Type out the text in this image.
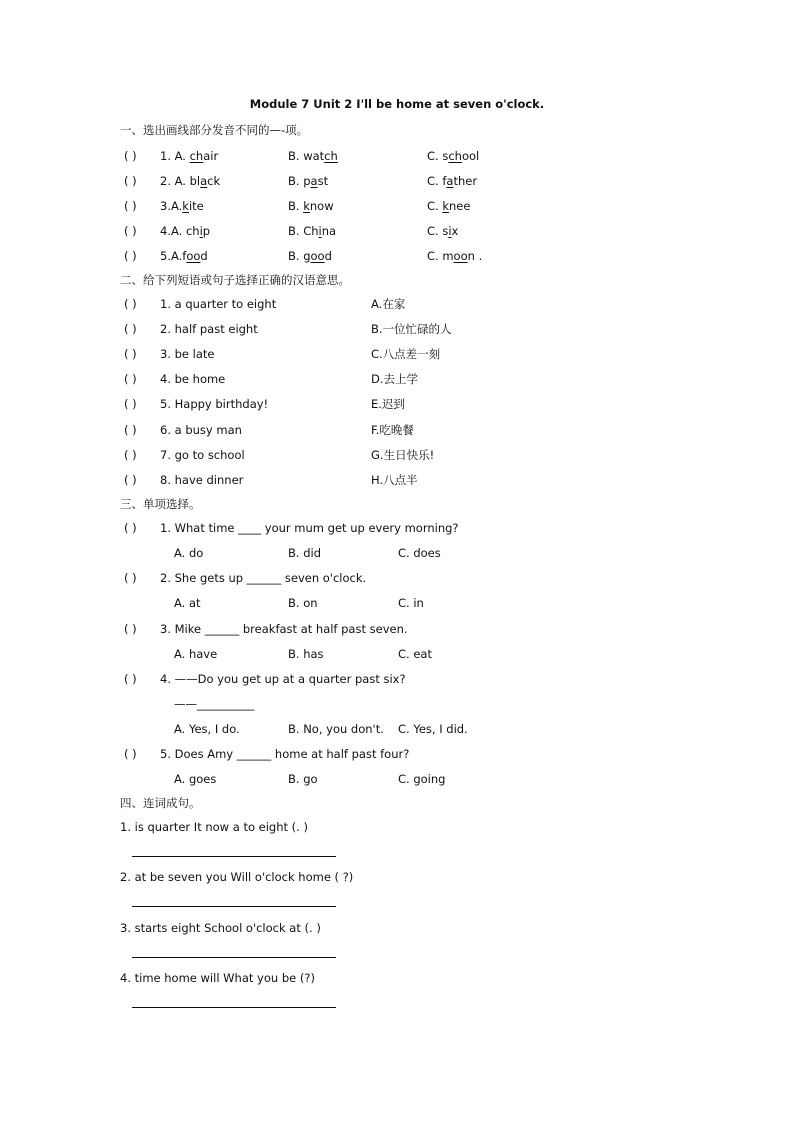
Module 7 Unit 2 I'll be home at seven o'clock.
一、选出画线部分发音不同的—-项。
( ) 1. A. chair	B. watch	C. school
( ) 2. A. black	B. past	C. father
( ) 3.A.kite	B. know	C. knee
( ) 4.A. chip	B. China	C. six
( ) 5.A.food	B. good	C. moon .
二、给下列短语或句子选择正确的汉语意思。
( ) 1. a quarter to eight	A.在家
( ) 2. half past eight	B.一位忙碌的人
( ) 3. be late	C.八点差一刻
( ) 4. be home	D.去上学
( ) 5. Happy birthday!	E.迟到
( ) 6. a busy man	F.吃晚餐
( ) 7. go to school	G.生日快乐!
( ) 8. have dinner	H.八点半
三、单项选择。
( ) 1. What time ____ your mum get up every morning?
A. do	B. did	C. does
( ) 2. She gets up ______ seven o'clock.
A. at	B. on	C. in
( ) 3. Mike ______ breakfast at half past seven.
A. have	B. has	C. eat
( ) 4. ——Do you get up at a quarter past six?
——__________
A. Yes, I do.	B. No, you don't. C. Yes, I did.
( ) 5. Does Amy ______ home at half past four?
A. goes	B. go	C. going
四、连词成句。
1. is quarter It now a to eight (. )
2. at be seven you Will o'clock home ( ?)
3. starts eight School o'clock at (. )
4. time home will What you be (?)
